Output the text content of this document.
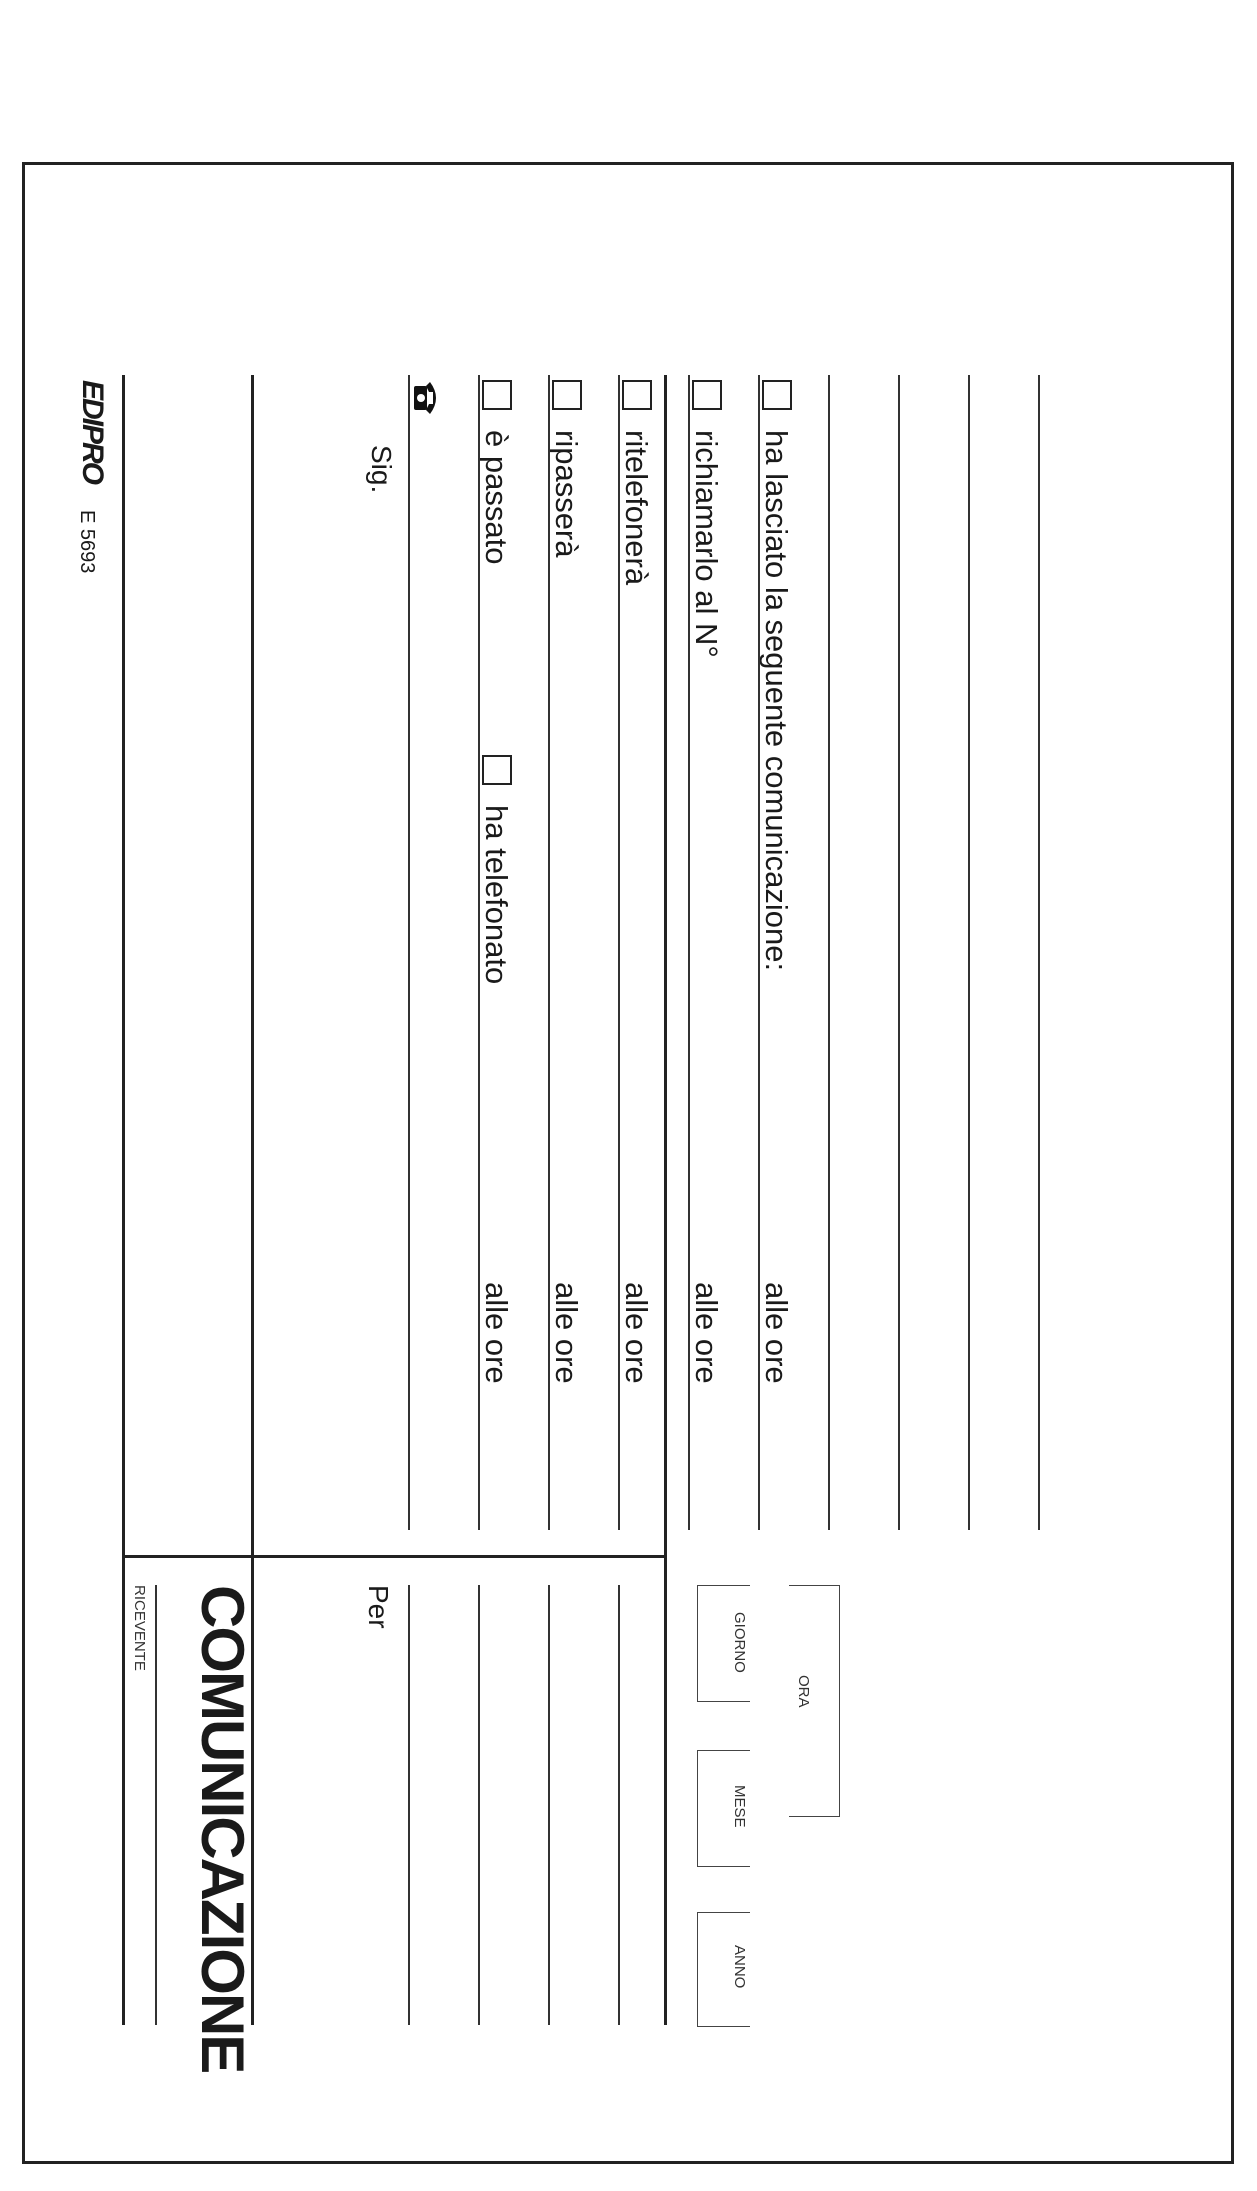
COMUNICAZIONE	Per
Sig.	è passato
ha telefonato
alle ore
ripasserà
alle ore
ritelefonerà
alle ore
richiamarlo al N°
alle ore
ha lasciato la seguente comunicazione:
alle ore
GIORNO
MESE
ANNO
ORA
RICEVENTE
EDIPRO
E 5693
